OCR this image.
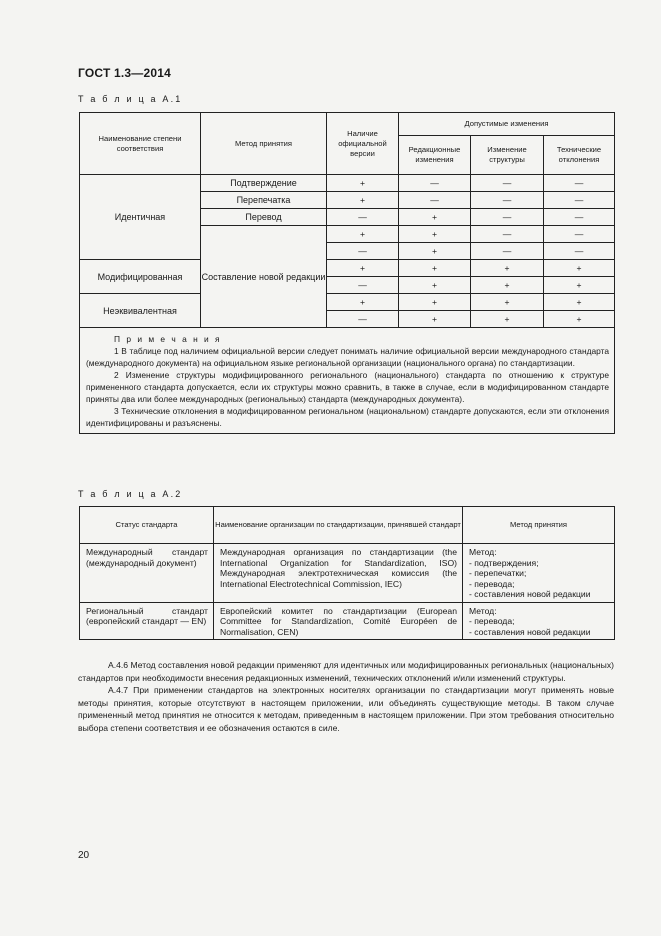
ГОСТ 1.3—2014
Т а б л и ц а А.1
Наименование степени соответствия	Метод принятия	Наличие официальной версии	Допустимые изменения		
			Редакционные изменения	Изменение структуры	Технические отклонения
Идентичная	Подтверждение	+	—	—	—
	Перепечатка	+	—	—	—
	Перевод	—	+	—	—
	Составление новой редакции	+	+	—	—
		—	+	—	—
Модифицированная		+	+	+	+
		—	+	+	+
Неэквивалентная		+	+	+	+
		—	+	+	+

П р и м е ч а н и я

1 В таблице под наличием официальной версии следует понимать наличие официальной версии международного стандарта (международного документа) на официальном языке региональной организации (национального органа) по стандартизации.

2 Изменение структуры модифицированного регионального (национального) стандарта по отношению к структуре примененного стандарта допускается, если их структуры можно сравнить, в также в случае, если в модифицированном стандарте приняты два или более международных (региональных) стандарта (международных документа).

3 Технические отклонения в модифицированном региональном (национальном) стандарте допускаются, если эти отклонения идентифицированы и разъяснены.					

Т а б л и ц а А.2
Статус стандарта	Наименование организации по стандартизации, принявшей стандарт	Метод принятия
Международный стандарт (международный документ)	Международная организация по стандартизации (the International Organization for Standardization, ISO) Международная электротехническая комиссия (the International Electrotechnical Commission, IEC)	Метод:
- подтверждения;
- перепечатки;
- перевода;
- составления новой редакции

Региональный стандарт (европейский стандарт — EN)	Европейский комитет по стандартизации (European Committee for Standardization, Comité Européen de Normalisation, CEN)	Метод:
- перевода;
- составления новой редакции

А.4.6 Метод составления новой редакции применяют для идентичных или модифицированных региональных (национальных) стандартов при необходимости внесения редакционных изменений, технических отклонений и/или изменений структуры.

А.4.7 При применении стандартов на электронных носителях организации по стандартизации могут применять новые методы принятия, которые отсутствуют в настоящем приложении, или объединять существующие методы. В таком случае примененный метод принятия не относится к методам, приведенным в настоящем приложении. При этом требования относительно выбора степени соответствия и ее обозначения остаются в силе.

20
